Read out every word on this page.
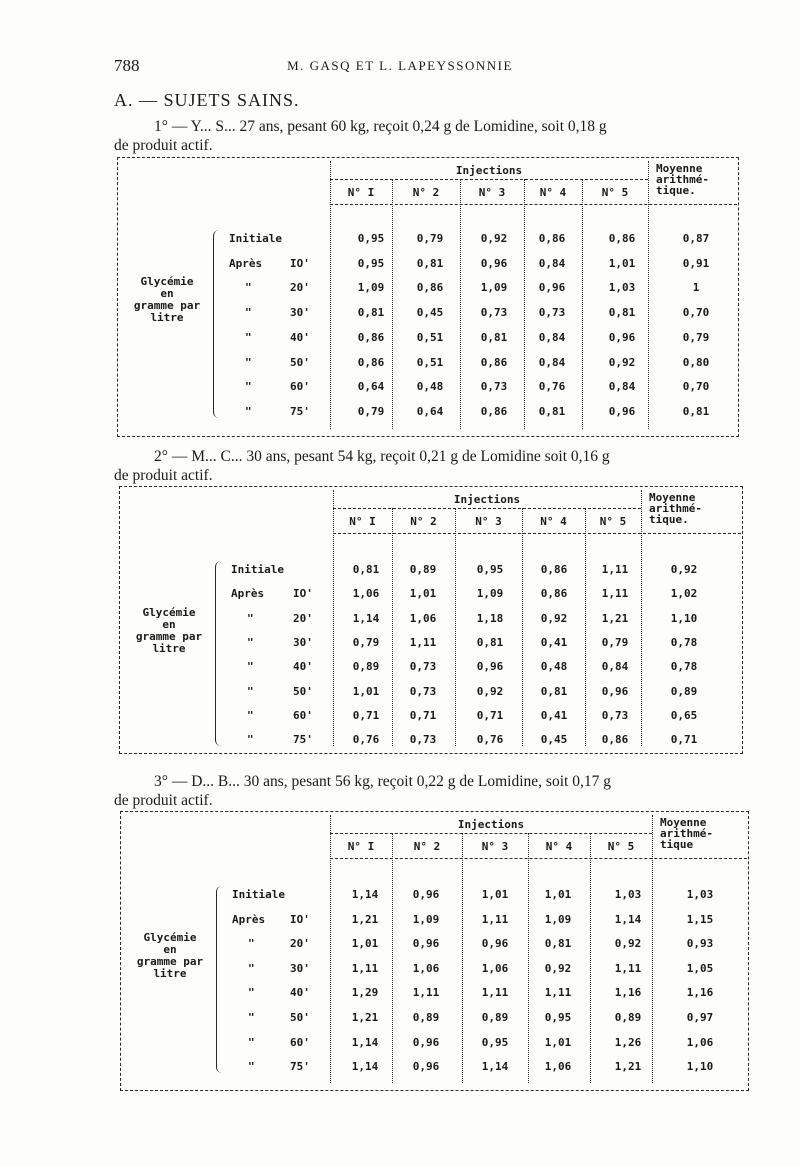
788	M. GASQ ET L. LAPEYSSONNIE
A. — SUJETS SAINS.
1° — Y... S... 27 ans, pesant 60 kg, reçoit 0,24 g de Lomidine, soit 0,18 g
de produit actif.
Injections
N° I	N° 2	N° 3	N° 4	N° 5
Moyenne
arithmé-
tique.
Glycémie
en
gramme par
litre
Initiale	0,95	0,79	0,92	0,86	0,86	0,87
Après	IO'	0,95	0,81	0,96	0,84	1,01	0,91
"	20'	1,09	0,86	1,09	0,96	1,03	1
"	30'	0,81	0,45	0,73	0,73	0,81	0,70
"	40'	0,86	0,51	0,81	0,84	0,96	0,79
"	50'	0,86	0,51	0,86	0,84	0,92	0,80
"	60'	0,64	0,48	0,73	0,76	0,84	0,70
"	75'	0,79	0,64	0,86	0,81	0,96	0,81
2° — M... C... 30 ans, pesant 54 kg, reçoit 0,21 g de Lomidine soit 0,16 g
de produit actif.
Injections
N° I	N° 2	N° 3	N° 4	N° 5
Moyenne
arithmé-
tique.
Glycémie
en
gramme par
litre
Initiale	0,81	0,89	0,95	0,86	1,11	0,92
Après	IO'	1,06	1,01	1,09	0,86	1,11	1,02
"	20'	1,14	1,06	1,18	0,92	1,21	1,10
"	30'	0,79	1,11	0,81	0,41	0,79	0,78
"	40'	0,89	0,73	0,96	0,48	0,84	0,78
"	50'	1,01	0,73	0,92	0,81	0,96	0,89
"	60'	0,71	0,71	0,71	0,41	0,73	0,65
"	75'	0,76	0,73	0,76	0,45	0,86	0,71
3° — D... B... 30 ans, pesant 56 kg, reçoit 0,22 g de Lomidine, soit 0,17 g
de produit actif.
Injections
N° I	N° 2	N° 3	N° 4	N° 5
Moyenne
arithmé-
tique
Glycémie
en
gramme par
litre
Initiale	1,14	0,96	1,01	1,01	1,03	1,03
Après IO'	1,21	1,09	1,11	1,09	1,14	1,15
"	20'	1,01	0,96	0,96	0,81	0,92	0,93
"	30'	1,11	1,06	1,06	0,92	1,11	1,05
"	40'	1,29	1,11	1,11	1,11	1,16	1,16
"	50'	1,21	0,89	0,89	0,95	0,89	0,97
"	60'	1,14	0,96	0,95	1,01	1,26	1,06
"	75'	1,14	0,96	1,14	1,06	1,21	1,10
